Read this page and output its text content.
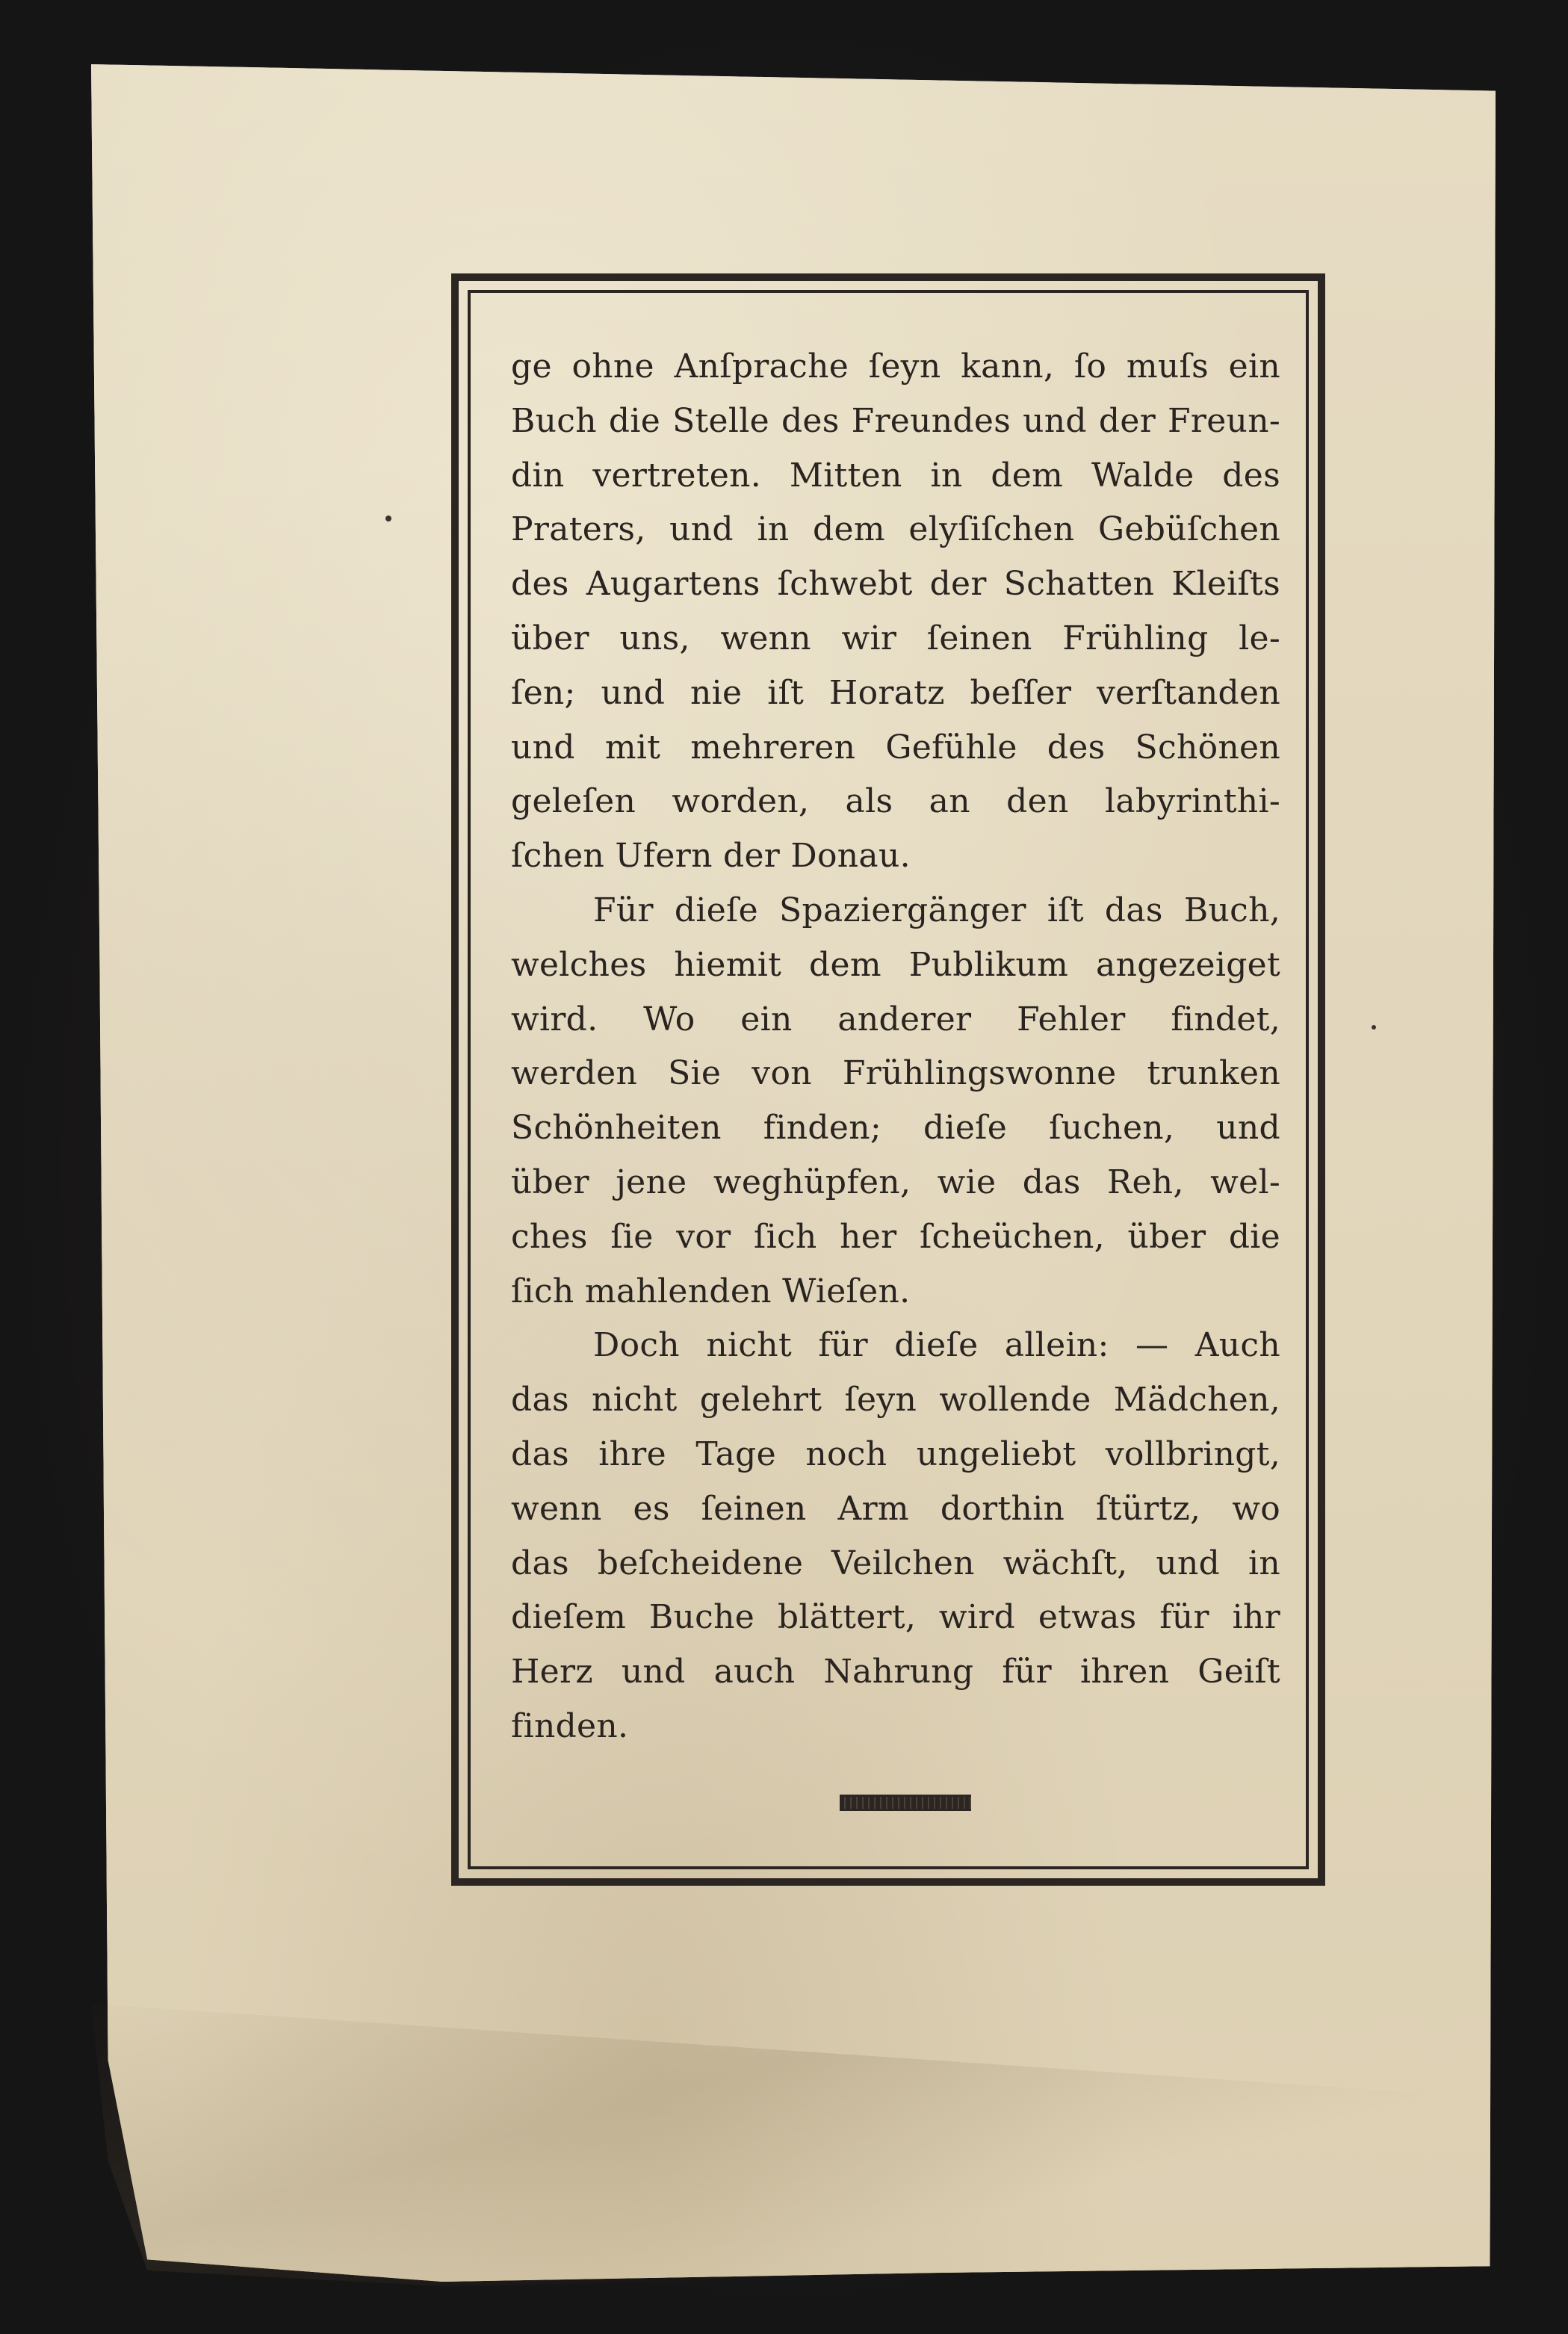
ge ohne Anſprache ſeyn kann, ſo muſs ein
Buch die Stelle des Freundes und der Freun-
din vertreten. Mitten in dem Walde des
Praters, und in dem elyſiſchen Gebüſchen
des Augartens ſchwebt der Schatten Kleiſts
über uns, wenn wir ſeinen Frühling le-
ſen; und nie iſt Horatz beſſer verſtanden
und mit mehreren Gefühle des Schönen
geleſen worden, als an den labyrinthi-
ſchen Ufern der Donau.
Für dieſe Spaziergänger iſt das Buch,
welches hiemit dem Publikum angezeiget
wird. Wo ein anderer Fehler findet,
werden Sie von Frühlingswonne trunken
Schönheiten finden; dieſe ſuchen, und
über jene weghüpfen, wie das Reh, wel-
ches ſie vor ſich her ſcheüchen, über die
ſich mahlenden Wieſen.
Doch nicht für dieſe allein: — Auch
das nicht gelehrt ſeyn wollende Mädchen,
das ihre Tage noch ungeliebt vollbringt,
wenn es ſeinen Arm dorthin ſtürtz, wo
das beſcheidene Veilchen wächſt, und in
dieſem Buche blättert, wird etwas für ihr
Herz und auch Nahrung für ihren Geiſt
finden.
